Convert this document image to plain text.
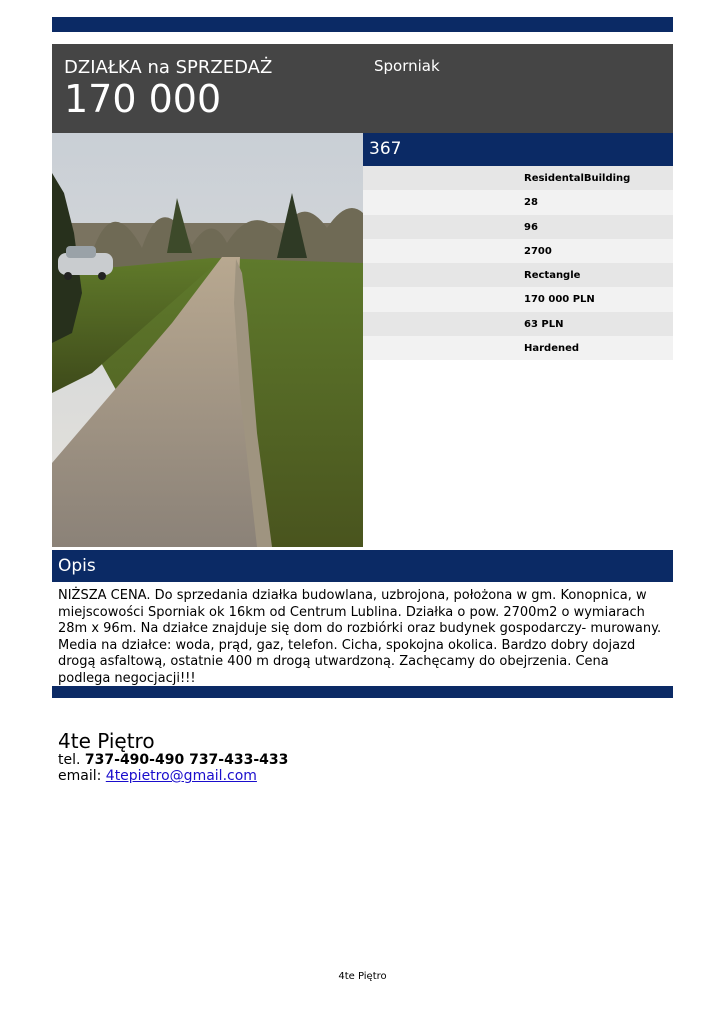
DZIAŁKA na SPRZEDAŻ
170 000
Sporniak
367
ResidentalBuilding
28
96
2700
Rectangle
170 000 PLN
63 PLN
Hardened
Opis
NIŻSZA CENA. Do sprzedania działka budowlana, uzbrojona, położona w gm. Konopnica, w miejscowości Sporniak ok 16km od Centrum Lublina. Działka o pow. 2700m2 o wymiarach 28m x 96m. Na działce znajduje się dom do rozbiórki oraz budynek gospodarczy- murowany. Media na działce: woda, prąd, gaz, telefon. Cicha, spokojna okolica. Bardzo dobry dojazd drogą asfaltową, ostatnie 400 m drogą utwardzoną. Zachęcamy do obejrzenia. Cena podlega negocjacji!!!
4te Piętro
tel. 737-490-490 737-433-433
email: 4tepietro@gmail.com
4te Piętro
